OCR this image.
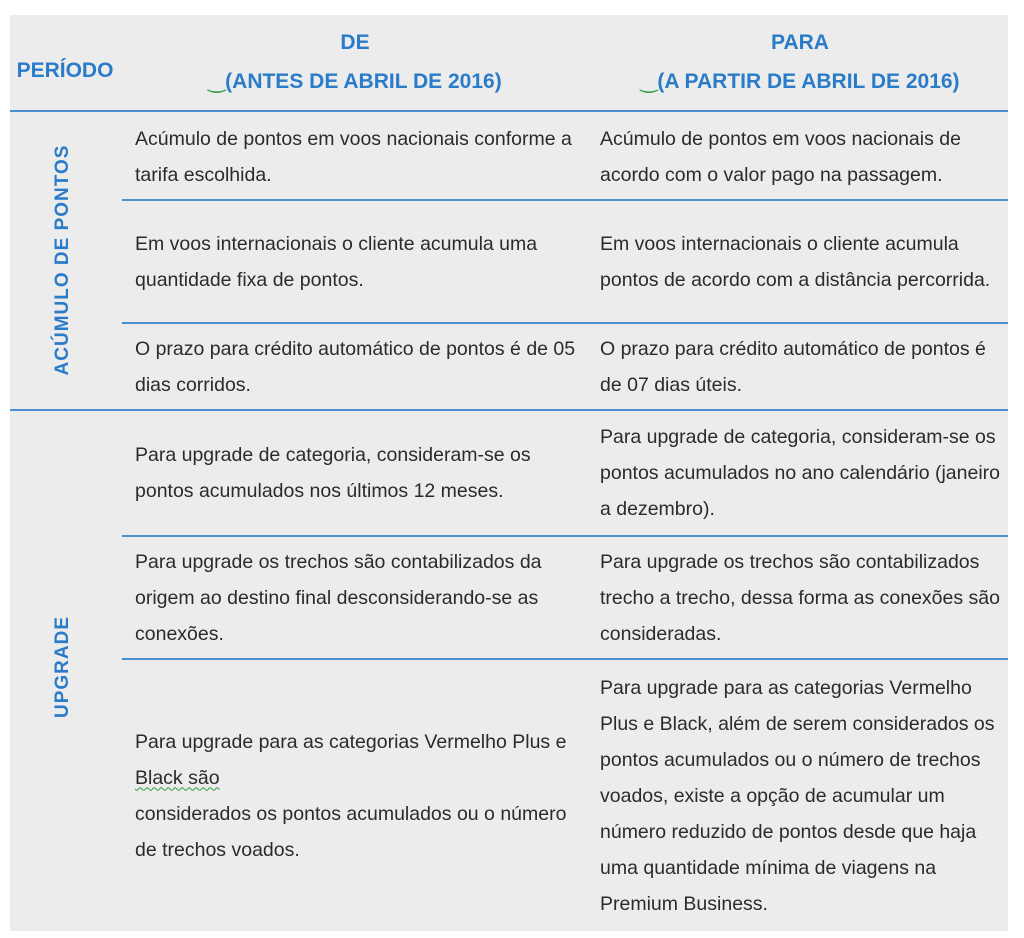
PERÍODO
DE
‿(ANTES DE ABRIL DE 2016)
PARA
‿(A PARTIR DE ABRIL DE 2016)
ACÚMULO DE PONTOS
UPGRADE
Acúmulo de pontos em voos nacionais conforme a tarifa escolhida.
Acúmulo de pontos em voos nacionais de acordo com o valor pago na passagem.
Em voos internacionais o cliente acumula uma quantidade fixa de pontos.
Em voos internacionais o cliente acumula pontos de acordo com a distância percorrida.
O prazo para crédito automático de pontos é de 05 dias corridos.
O prazo para crédito automático de pontos é de 07 dias úteis.
Para upgrade de categoria, consideram-se os pontos acumulados nos últimos 12 meses.
Para upgrade de categoria, consideram-se os pontos acumulados no ano calendário (janeiro a dezembro).
Para upgrade os trechos são contabilizados da origem ao destino final desconsiderando-se as conexões.
Para upgrade os trechos são contabilizados trecho a trecho, dessa forma as conexões são consideradas.
Para upgrade para as categorias Vermelho Plus e
Black são
considerados os pontos acumulados ou o número de trechos voados.
Para upgrade para as categorias Vermelho Plus e Black, além de serem considerados os pontos acumulados ou o número de trechos voados, existe a opção de acumular um número reduzido de pontos desde que haja uma quantidade mínima de viagens na Premium Business.
